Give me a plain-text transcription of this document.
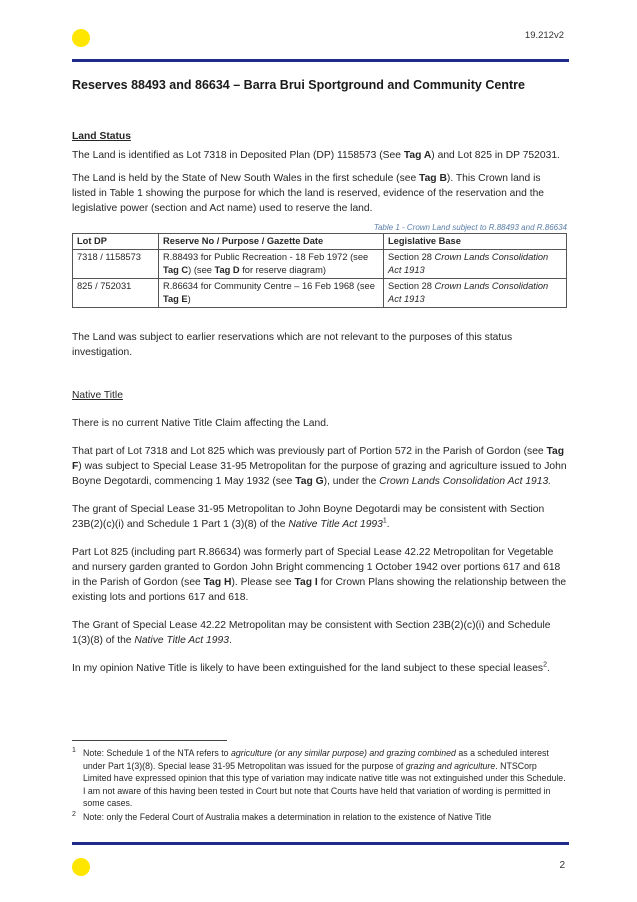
19.212v2
Reserves 88493 and 86634 – Barra Brui Sportground and Community Centre

Land Status

The Land is identified as Lot 7318 in Deposited Plan (DP) 1158573 (See Tag A) and Lot 825 in DP 752031.

The Land is held by the State of New South Wales in the first schedule (see Tag B). This Crown land is listed in Table 1 showing the purpose for which the land is reserved, evidence of the reservation and the legislative power (section and Act name) used to reserve the land.

Table 1 - Crown Land subject to R.88493 and R.86634

Lot DP	Reserve No / Purpose / Gazette Date	Legislative Base
7318 / 1158573	R.88493 for Public Recreation - 18 Feb 1972 (see Tag C) (see Tag D for reserve diagram)	Section 28 Crown Lands Consolidation Act 1913
825 / 752031	R.86634 for Community Centre – 16 Feb 1968 (see Tag E)	Section 28 Crown Lands Consolidation Act 1913

The Land was subject to earlier reservations which are not relevant to the purposes of this status investigation.

Native Title

There is no current Native Title Claim affecting the Land.

That part of Lot 7318 and Lot 825 which was previously part of Portion 572 in the Parish of Gordon (see Tag F) was subject to Special Lease 31-95 Metropolitan for the purpose of grazing and agriculture issued to John Boyne Degotardi, commencing 1 May 1932 (see Tag G), under the Crown Lands Consolidation Act 1913.

The grant of Special Lease 31-95 Metropolitan to John Boyne Degotardi may be consistent with Section 23B(2)(c)(i) and Schedule 1 Part 1 (3)(8) of the Native Title Act 1993$^1$.

Part Lot 825 (including part R.86634) was formerly part of Special Lease 42.22 Metropolitan for Vegetable and nursery garden granted to Gordon John Bright commencing 1 October 1942 over portions 617 and 618 in the Parish of Gordon (see Tag H). Please see Tag I for Crown Plans showing the relationship between the existing lots and portions 617 and 618.

The Grant of Special Lease 42.22 Metropolitan may be consistent with Section 23B(2)(c)(i) and Schedule 1(3)(8) of the Native Title Act 1993.

In my opinion Native Title is likely to have been extinguished for the land subject to these special leases$^2$.

$^1$ Note: Schedule 1 of the NTA refers to agriculture (or any similar purpose) and grazing combined as a scheduled interest under Part 1(3)(8). Special lease 31-95 Metropolitan was issued for the purpose of grazing and agriculture. NTSCorp Limited have expressed opinion that this type of variation may indicate native title was not extinguished under this Schedule. I am not aware of this having been tested in Court but note that Courts have held that variation of wording is permitted in some cases.
$^2$ Note: only the Federal Court of Australia makes a determination in relation to the existence of Native Title
2
